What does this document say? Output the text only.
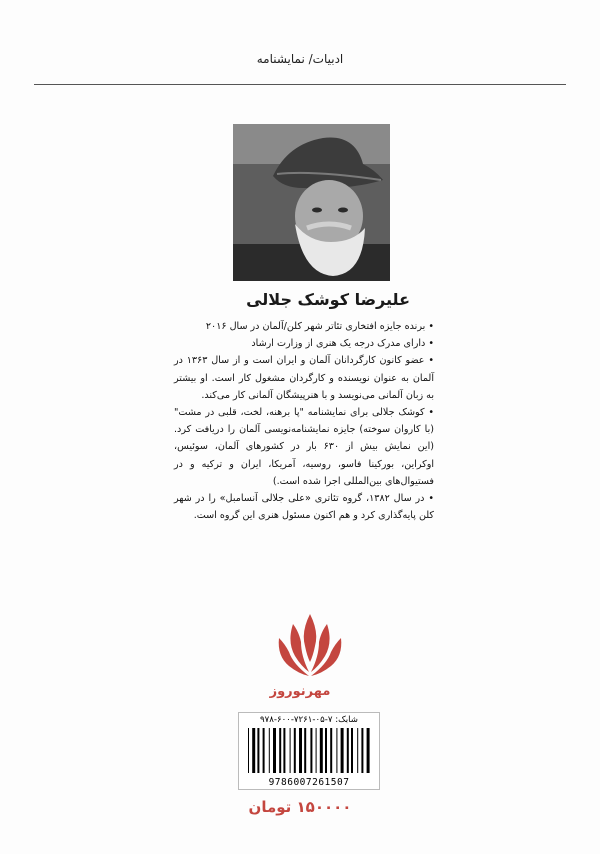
ادبیات/ نمایشنامه
علیرضا کوشک جلالی

• برنده جایزه افتخاری تئاتر شهر کلن/آلمان در سال ۲۰۱۶

• دارای مدرک درجه یک هنری از وزارت ارشاد

• عضو کانون کارگردانان آلمان و ایران است و از سال ۱۳۶۳ در آلمان به عنوان نویسنده و کارگردان مشغول کار است. او بیشتر به زبان آلمانی می‌نویسد و با هنرپیشگان آلمانی کار می‌کند.

• کوشک جلالی برای نمایشنامه "پا برهنه، لخت، قلبی در مشت" (با کاروان سوخته) جایزه نمایشنامه‌نویسی آلمان را دریافت کرد. (این نمایش بیش از ۶۳۰ بار در کشورهای آلمان، سوئیس، اوکراین، بورکینا فاسو، روسیه، آمریکا، ایران و ترکیه و در فستیوال‌های بین‌المللی اجرا شده است.)

• در سال ۱۳۸۲، گروه تئاتری «علی جلالی آنسامبل» را در شهر کلن پایه‌گذاری کرد و هم اکنون مسئول هنری این گروه است.

مهرنوروز
شابک: ۷-۰۵-۷۲۶۱-۶۰۰-۹۷۸
9786007261507
۱۵۰۰۰۰ تومان
